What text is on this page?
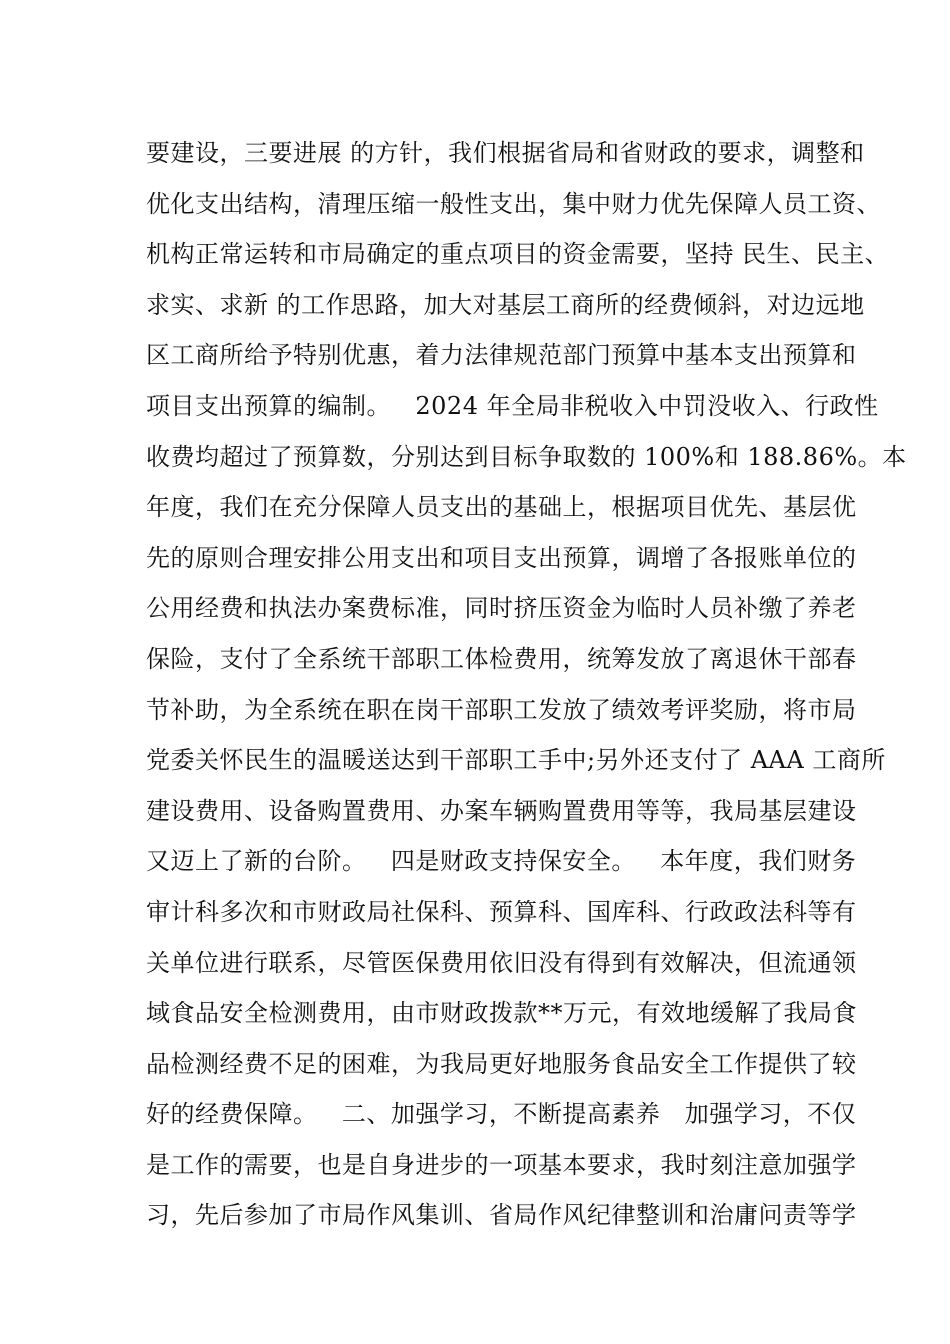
要建设，三要进展 的方针，我们根据省局和省财政的要求，调整和
优化支出结构，清理压缩一般性支出，集中财力优先保障人员工资、
机构正常运转和市局确定的重点项目的资金需要，坚持 民生、民主、
求实、求新 的工作思路，加大对基层工商所的经费倾斜，对边远地
区工商所给予特别优惠，着力法律规范部门预算中基本支出预算和
项目支出预算的编制。   2024 年全局非税收入中罚没收入、行政性
收费均超过了预算数，分别达到目标争取数的 100%和 188.86%。本
年度，我们在充分保障人员支出的基础上，根据项目优先、基层优
先的原则合理安排公用支出和项目支出预算，调增了各报账单位的
公用经费和执法办案费标准，同时挤压资金为临时人员补缴了养老
保险，支付了全系统干部职工体检费用，统筹发放了离退休干部春
节补助，为全系统在职在岗干部职工发放了绩效考评奖励，将市局
党委关怀民生的温暖送达到干部职工手中;另外还支付了 AAA 工商所
建设费用、设备购置费用、办案车辆购置费用等等，我局基层建设
又迈上了新的台阶。   四是财政支持保安全。   本年度，我们财务
审计科多次和市财政局社保科、预算科、国库科、行政政法科等有
关单位进行联系，尽管医保费用依旧没有得到有效解决，但流通领
域食品安全检测费用，由市财政拨款**万元，有效地缓解了我局食
品检测经费不足的困难，为我局更好地服务食品安全工作提供了较
好的经费保障。   二、加强学习，不断提高素养   加强学习，不仅
是工作的需要，也是自身进步的一项基本要求，我时刻注意加强学
习，先后参加了市局作风集训、省局作风纪律整训和治庸问责等学
